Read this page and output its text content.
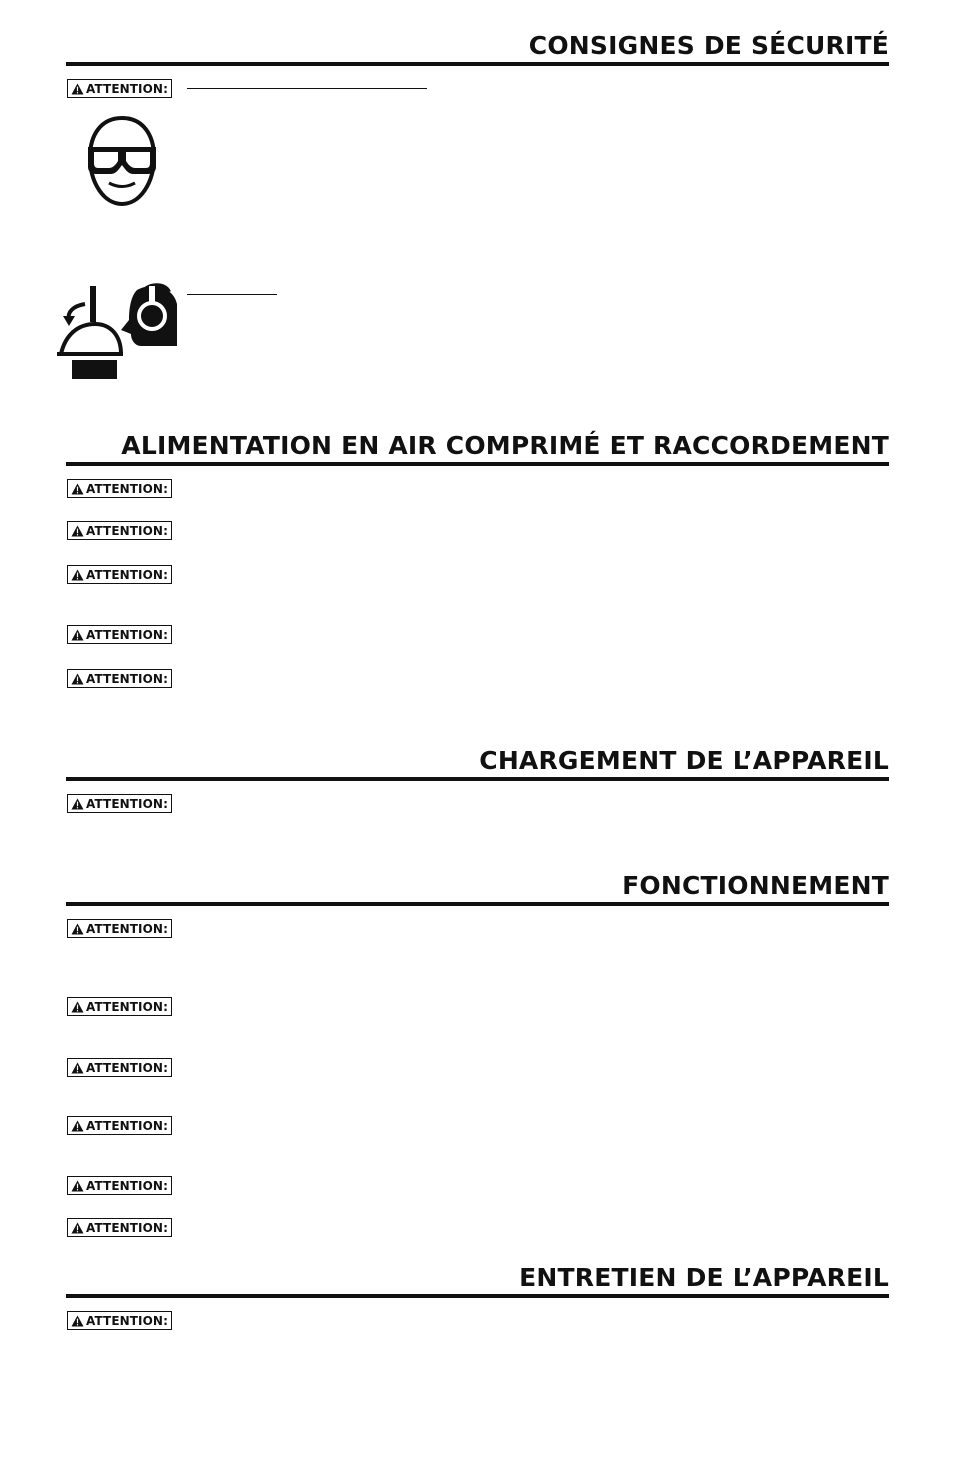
CONSIGNES DE SÉCURITÉ
ATTENTION:
ALIMENTATION EN AIR COMPRIMÉ ET RACCORDEMENT
ATTENTION:
ATTENTION:
ATTENTION:
ATTENTION:
ATTENTION:
CHARGEMENT DE L’APPAREIL
ATTENTION:
FONCTIONNEMENT
ATTENTION:
ATTENTION:
ATTENTION:
ATTENTION:
ATTENTION:
ATTENTION:
ENTRETIEN DE L’APPAREIL
ATTENTION:
